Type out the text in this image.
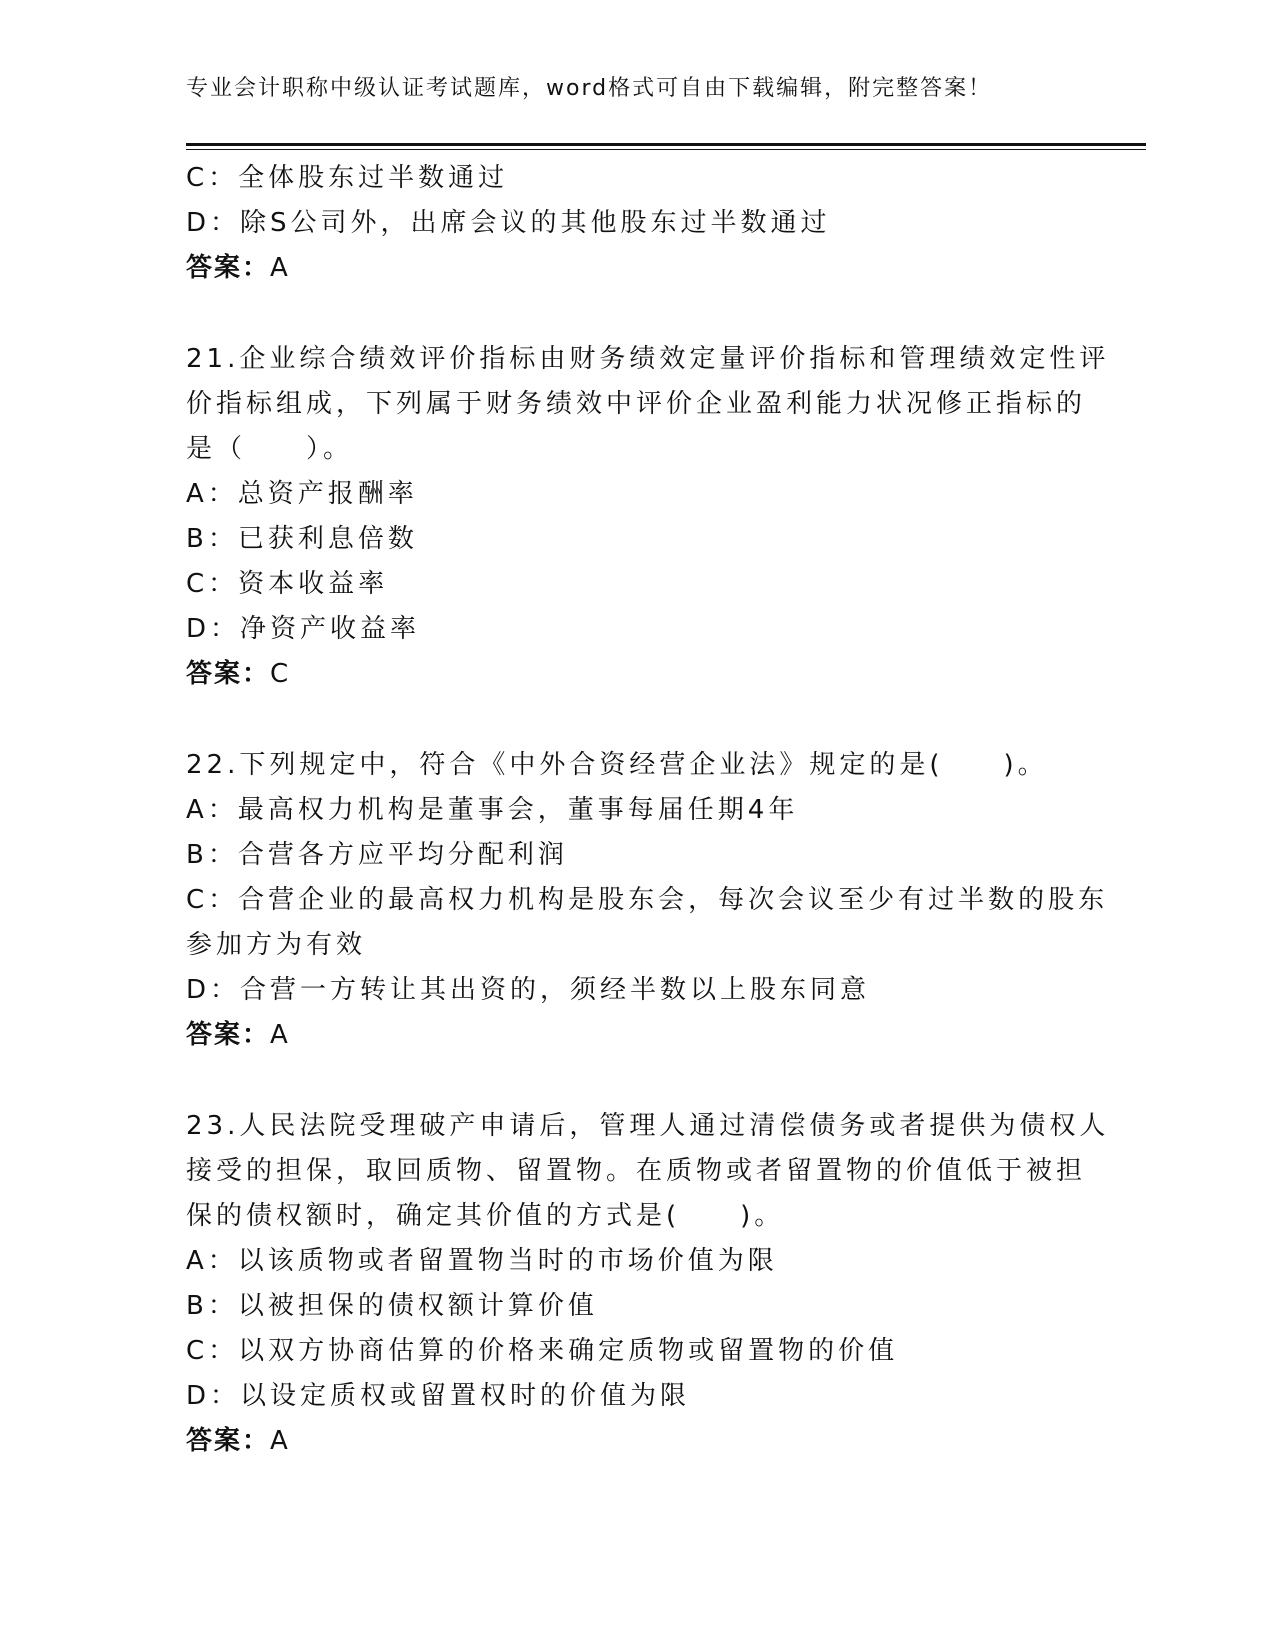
专业会计职称中级认证考试题库，word格式可自由下载编辑，附完整答案！
C：全体股东过半数通过
D：除S公司外，出席会议的其他股东过半数通过
答案：A
21.企业综合绩效评价指标由财务绩效定量评价指标和管理绩效定性评
价指标组成，下列属于财务绩效中评价企业盈利能力状况修正指标的
是（　　）。
A：总资产报酬率
B：已获利息倍数
C：资本收益率
D：净资产收益率
答案：C
22.下列规定中，符合《中外合资经营企业法》规定的是(　　)。
A：最高权力机构是董事会，董事每届任期4年
B：合营各方应平均分配利润
C：合营企业的最高权力机构是股东会，每次会议至少有过半数的股东
参加方为有效
D：合营一方转让其出资的，须经半数以上股东同意
答案：A
23.人民法院受理破产申请后，管理人通过清偿债务或者提供为债权人
接受的担保，取回质物、留置物。在质物或者留置物的价值低于被担
保的债权额时，确定其价值的方式是(　　)。
A：以该质物或者留置物当时的市场价值为限
B：以被担保的债权额计算价值
C：以双方协商估算的价格来确定质物或留置物的价值
D：以设定质权或留置权时的价值为限
答案：A
